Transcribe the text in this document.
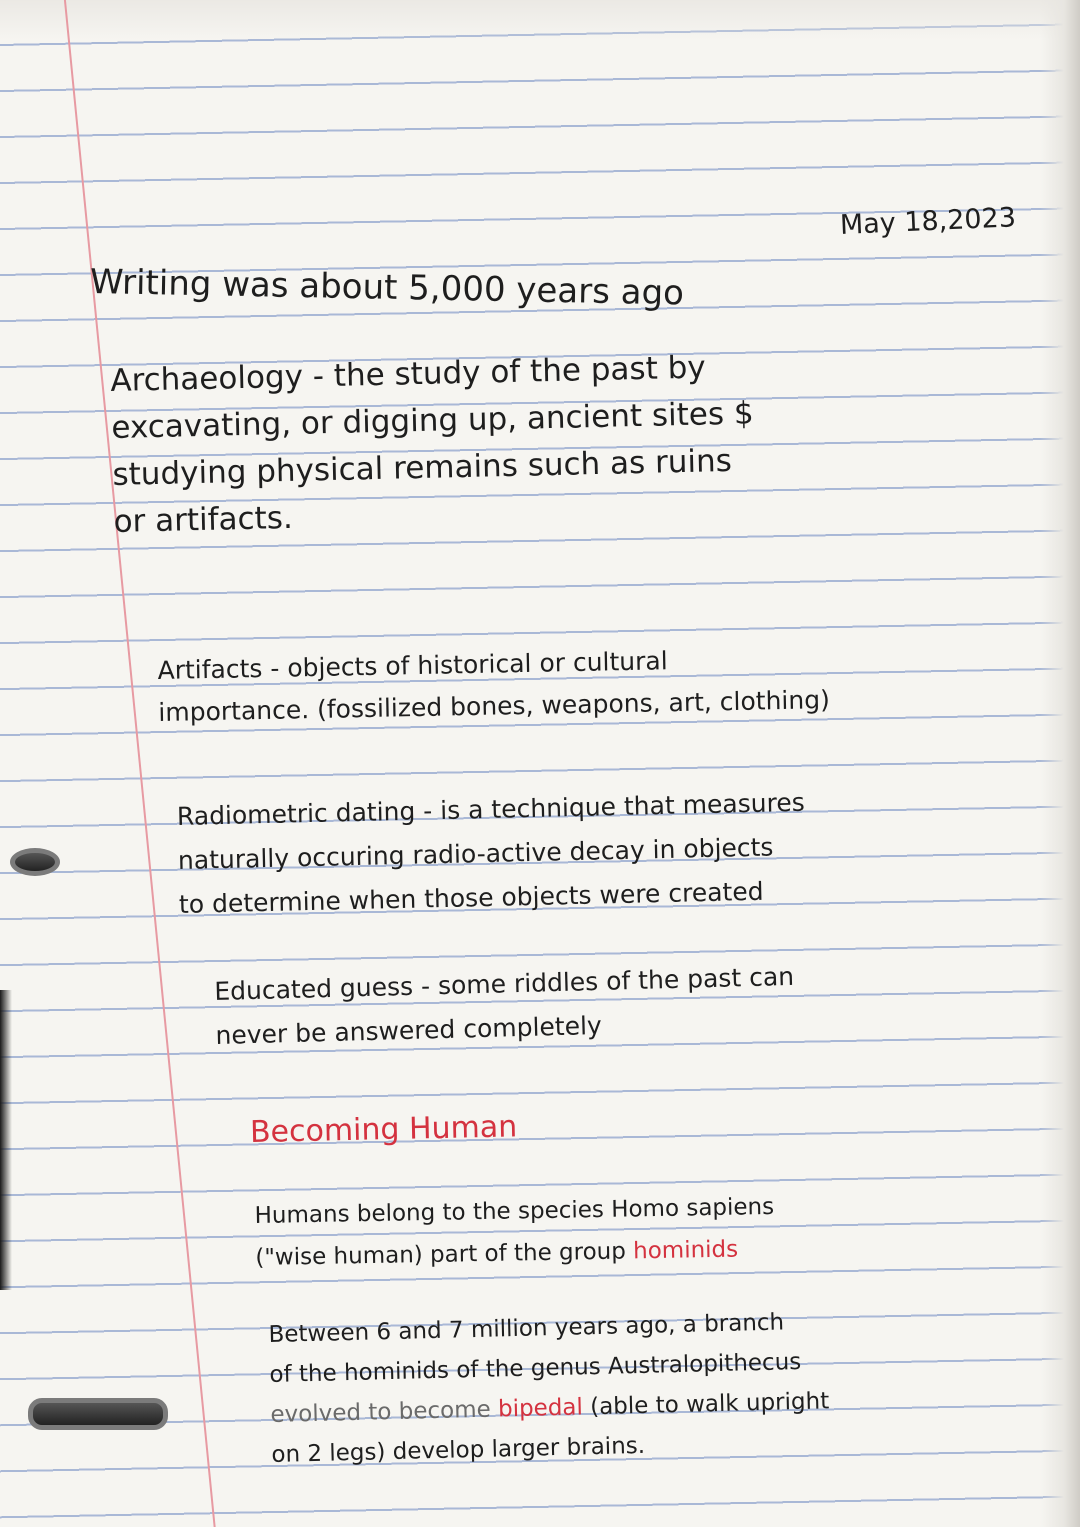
May 18,2023

Writing was about 5,000 years ago

Archaeology - the study of the past by
excavating, or digging up, ancient sites $
studying physical remains such as ruins
or artifacts.
Artifacts - objects of historical or cultural
importance. (fossilized bones, weapons, art, clothing)
Radiometric dating - is a technique that measures
naturally occuring radio-active decay in objects
to determine when those objects were created
Educated guess - some riddles of the past can
never be answered completely

Becoming Human

Humans belong to the species Homo sapiens
("wise human) part of the group hominids
Between 6 and 7 million years ago, a branch
of the hominids of the genus Australopithecus
evolved to become bipedal (able to walk upright
on 2 legs) develop larger brains.
